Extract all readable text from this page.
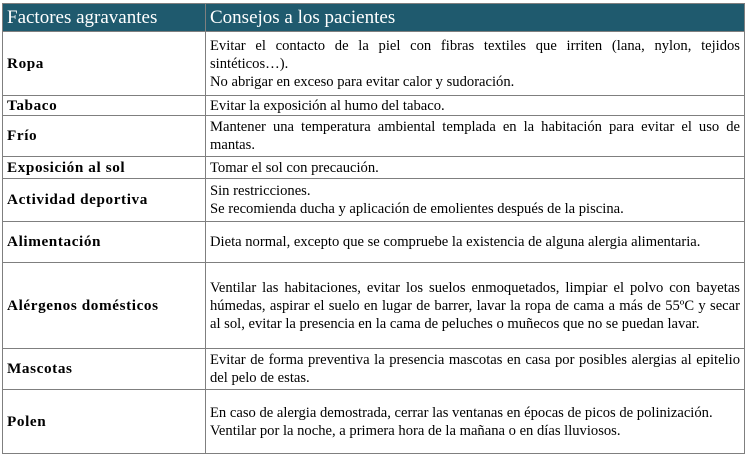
Factores agravantes	Consejos a los pacientes
Ropa	Evitar el contacto de la piel con fibras textiles que irriten (lana, nylon, tejidos sintéticos…).
No abrigar en exceso para evitar calor y sudoración.

Tabaco	Evitar la exposición al humo del tabaco.

Frío	Mantener una temperatura ambiental templada en la habitación para evitar el uso de mantas.

Exposición al sol	Tomar el sol con precaución.

Actividad deportiva	Sin restricciones.
Se recomienda ducha y aplicación de emolientes después de la piscina.

Alimentación	Dieta normal, excepto que se compruebe la existencia de alguna alergia alimentaria.

Alérgenos domésticos	Ventilar las habitaciones, evitar los suelos enmoquetados, limpiar el polvo con bayetas húmedas, aspirar el suelo en lugar de barrer, lavar la ropa de cama a más de 55ºC y secar al sol, evitar la presencia en la cama de peluches o muñecos que no se puedan lavar.

Mascotas	Evitar de forma preventiva la presencia mascotas en casa por posibles alergias al epitelio del pelo de estas.

Polen	En caso de alergia demostrada, cerrar las ventanas en épocas de picos de polinización.
Ventilar por la noche, a primera hora de la mañana o en días lluviosos.
